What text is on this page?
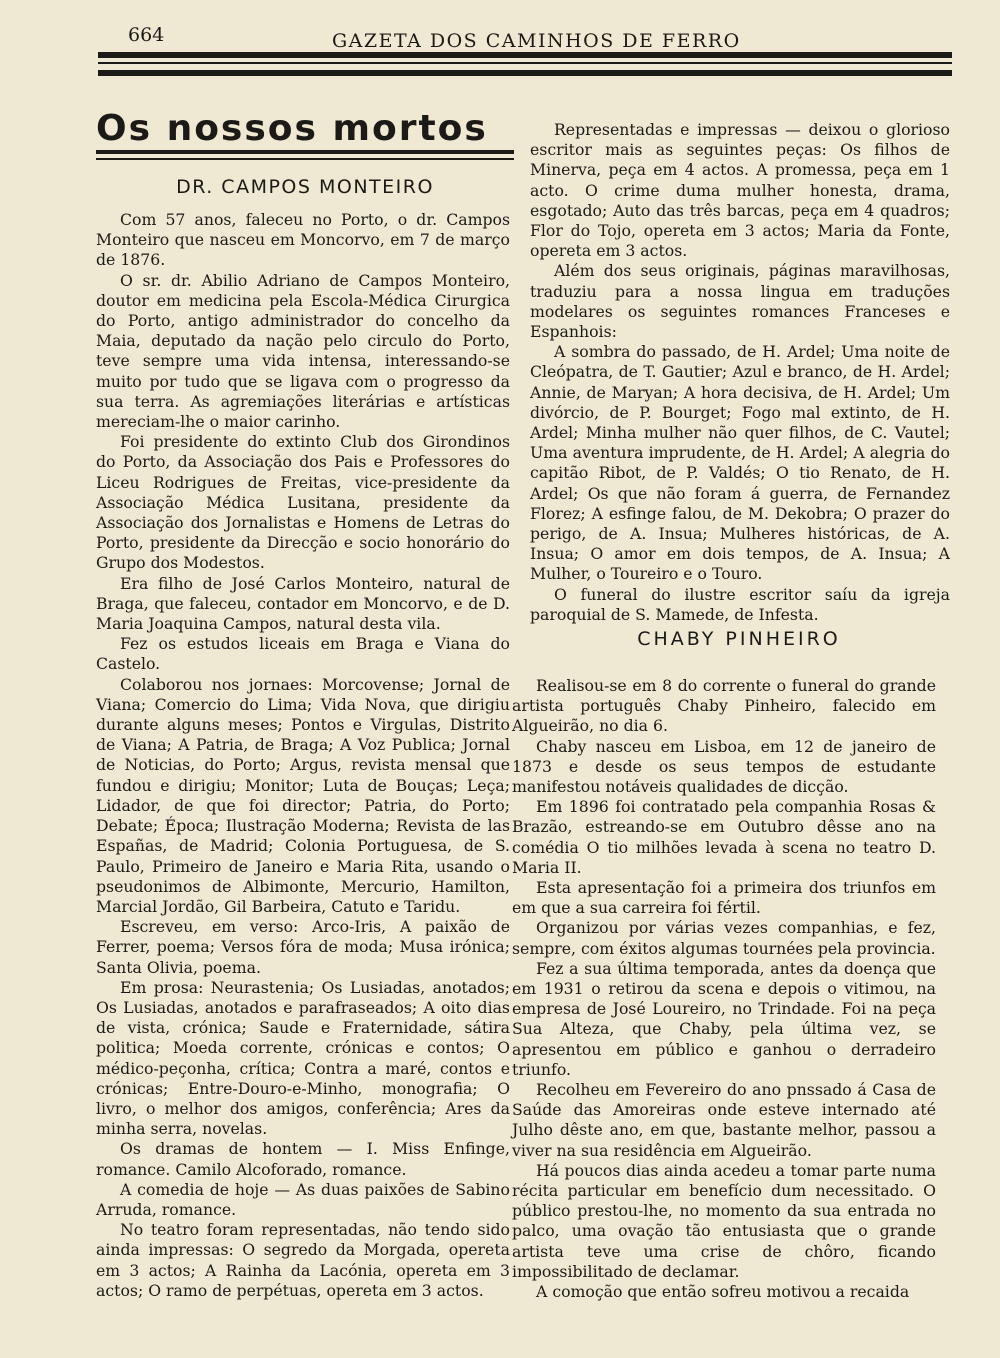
664	GAZETA DOS CAMINHOS DE FERRO
Os nossos mortos
DR. CAMPOS MONTEIRO

Com 57 anos, faleceu no Porto, o dr. Campos Monteiro que nasceu em Moncorvo, em 7 de março de 1876.

O sr. dr. Abilio Adriano de Campos Monteiro, doutor em medicina pela Escola-Médica Cirurgica do Porto, antigo administrador do concelho da Maia, deputado da nação pelo circulo do Porto, teve sempre uma vida intensa, interessando-se muito por tudo que se ligava com o progresso da sua terra. As agremiações literárias e artísticas mereciam-lhe o maior carinho.

Foi presidente do extinto Club dos Girondinos do Porto, da Associação dos Pais e Professores do Liceu Rodrigues de Freitas, vice-presidente da Associação Médica Lusitana, presidente da Associação dos Jornalistas e Homens de Letras do Porto, presidente da Direcção e socio honorário do Grupo dos Modestos.

Era filho de José Carlos Monteiro, natural de Braga, que faleceu, contador em Moncorvo, e de D. Maria Joaquina Campos, natural desta vila.

Fez os estudos liceais em Braga e Viana do Castelo.

Colaborou nos jornaes: Morcovense; Jornal de Viana; Comercio do Lima; Vida Nova, que dirigiu durante alguns meses; Pontos e Virgulas, Distrito de Viana; A Patria, de Braga; A Voz Publica; Jornal de Noticias, do Porto; Argus, revista mensal que fundou e dirigiu; Monitor; Luta de Bouças; Leça; Lidador, de que foi director; Patria, do Porto; Debate; Época; Ilustração Moderna; Revista de las Españas, de Madrid; Colonia Portuguesa, de S. Paulo, Primeiro de Janeiro e Maria Rita, usando o pseudonimos de Albimonte, Mercurio, Hamilton, Marcial Jordão, Gil Barbeira, Catuto e Taridu.

Escreveu, em verso: Arco-Iris, A paixão de Ferrer, poema; Versos fóra de moda; Musa irónica; Santa Olivia, poema.

Em prosa: Neurastenia; Os Lusiadas, anotados; Os Lusiadas, anotados e parafraseados; A oito dias de vista, crónica; Saude e Fraternidade, sátira politica; Moeda corrente, crónicas e contos; O médico-peçonha, crítica; Contra a maré, contos e crónicas; Entre-Douro-e-Minho, monografia; O livro, o melhor dos amigos, conferência; Ares da minha serra, novelas.

Os dramas de hontem — I. Miss Enfinge, romance. Camilo Alcoforado, romance.

A comedia de hoje — As duas paixões de Sabino Arruda, romance.

No teatro foram representadas, não tendo sido ainda impressas: O segredo da Morgada, opereta em 3 actos; A Rainha da Lacónia, opereta em 3 actos; O ramo de perpétuas, opereta em 3 actos.

Representadas e impressas — deixou o glorioso escritor mais as seguintes peças: Os filhos de Minerva, peça em 4 actos. A promessa, peça em 1 acto. O crime duma mulher honesta, drama, esgotado; Auto das três barcas, peça em 4 quadros; Flor do Tojo, opereta em 3 actos; Maria da Fonte, opereta em 3 actos.

Além dos seus originais, páginas maravilhosas, traduziu para a nossa lingua em traduções modelares os seguintes romances Franceses e Espanhois:

A sombra do passado, de H. Ardel; Uma noite de Cleópatra, de T. Gautier; Azul e branco, de H. Ardel; Annie, de Maryan; A hora decisiva, de H. Ardel; Um divórcio, de P. Bourget; Fogo mal extinto, de H. Ardel; Minha mulher não quer filhos, de C. Vautel; Uma aventura imprudente, de H. Ardel; A alegria do capitão Ribot, de P. Valdés; O tio Renato, de H. Ardel; Os que não foram á guerra, de Fernandez Florez; A esfinge falou, de M. Dekobra; O prazer do perigo, de A. Insua; Mulheres históricas, de A. Insua; O amor em dois tempos, de A. Insua; A Mulher, o Toureiro e o Touro.

O funeral do ilustre escritor saíu da igreja paroquial de S. Mamede, de Infesta.

CHABY PINHEIRO

Realisou-se em 8 do corrente o funeral do grande artista português Chaby Pinheiro, falecido em Algueirão, no dia 6.

Chaby nasceu em Lisboa, em 12 de janeiro de 1873 e desde os seus tempos de estudante manifestou notáveis qualidades de dicção.

Em 1896 foi contratado pela companhia Rosas & Brazão, estreando-se em Outubro dêsse ano na comédia O tio milhões levada à scena no teatro D. Maria II.

Esta apresentação foi a primeira dos triunfos em em que a sua carreira foi fértil.

Organizou por várias vezes companhias, e fez, sempre, com éxitos algumas tournées pela provincia.

Fez a sua última temporada, antes da doença que em 1931 o retirou da scena e depois o vitimou, na empresa de José Loureiro, no Trindade. Foi na peça Sua Alteza, que Chaby, pela última vez, se apresentou em público e ganhou o derradeiro triunfo.

Recolheu em Fevereiro do ano pnssado á Casa de Saúde das Amoreiras onde esteve internado até Julho dêste ano, em que, bastante melhor, passou a viver na sua residência em Algueirão.

Há poucos dias ainda acedeu a tomar parte numa récita particular em benefício dum necessitado. O público prestou-lhe, no momento da sua entrada no palco, uma ovação tão entusiasta que o grande artista teve uma crise de chôro, ficando impossibilitado de declamar.

A comoção que então sofreu motivou a recaida
